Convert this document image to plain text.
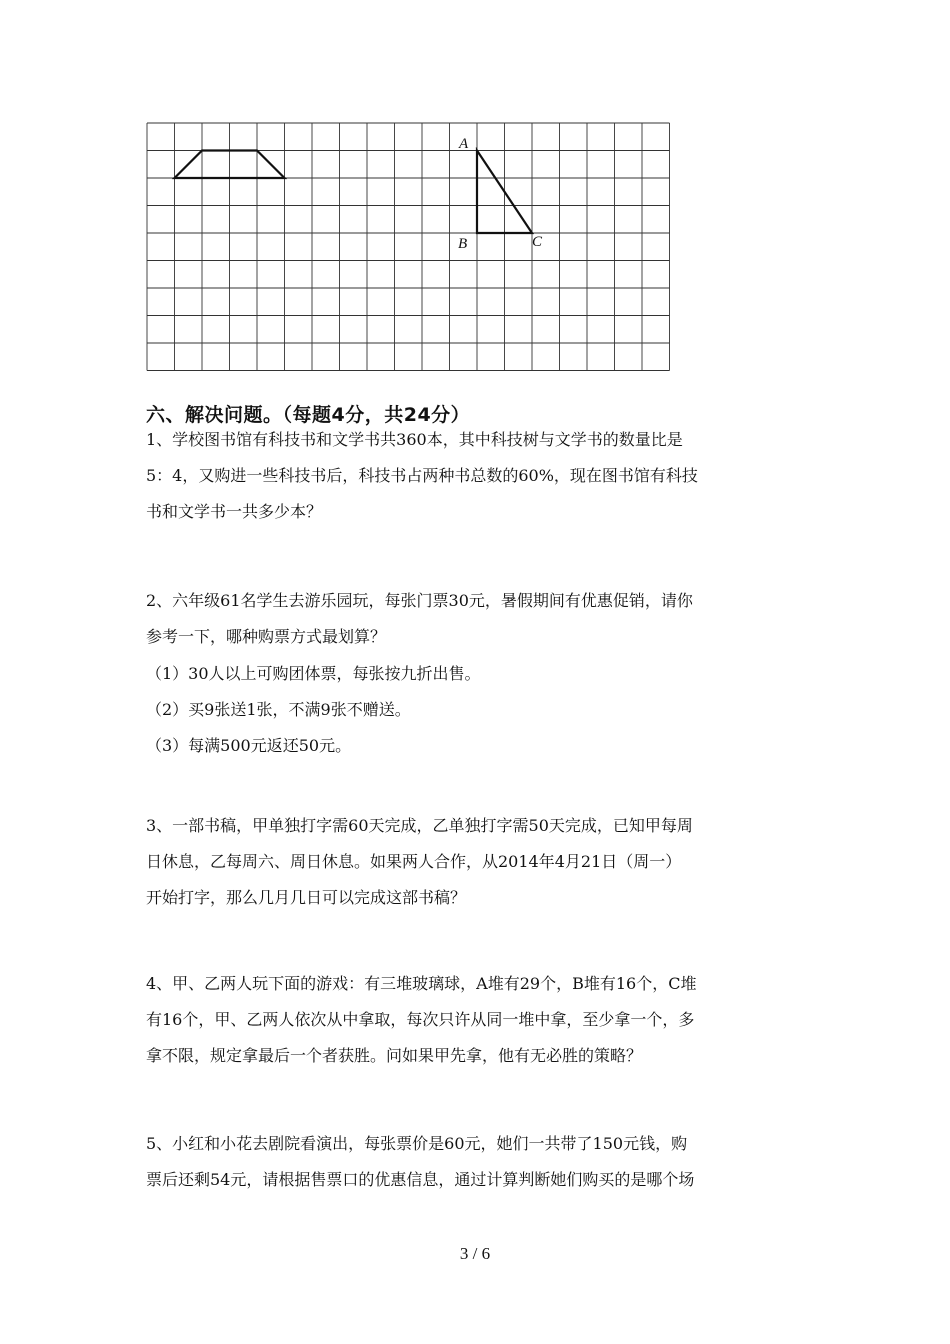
A
B	C
六、解决问题。（每题4分，共24分）
1、学校图书馆有科技书和文学书共360本，其中科技树与文学书的数量比是
5：4，又购进一些科技书后，科技书占两种书总数的60%，现在图书馆有科技
书和文学书一共多少本？
2、六年级61名学生去游乐园玩，每张门票30元，暑假期间有优惠促销，请你
参考一下，哪种购票方式最划算？

（1）30人以上可购团体票，每张按九折出售。

（2）买9张送1张，不满9张不赠送。

（3）每满500元返还50元。

3、一部书稿，甲单独打字需60天完成，乙单独打字需50天完成，已知甲每周
日休息，乙每周六、周日休息。如果两人合作，从2014年4月21日（周一）
开始打字，那么几月几日可以完成这部书稿？
4、甲、乙两人玩下面的游戏：有三堆玻璃球，A堆有29个，B堆有16个，C堆
有16个，甲、乙两人依次从中拿取，每次只许从同一堆中拿，至少拿一个，多
拿不限，规定拿最后一个者获胜。问如果甲先拿，他有无必胜的策略？
5、小红和小花去剧院看演出，每张票价是60元，她们一共带了150元钱，购
票后还剩54元，请根据售票口的优惠信息，通过计算判断她们购买的是哪个场
3 / 6
